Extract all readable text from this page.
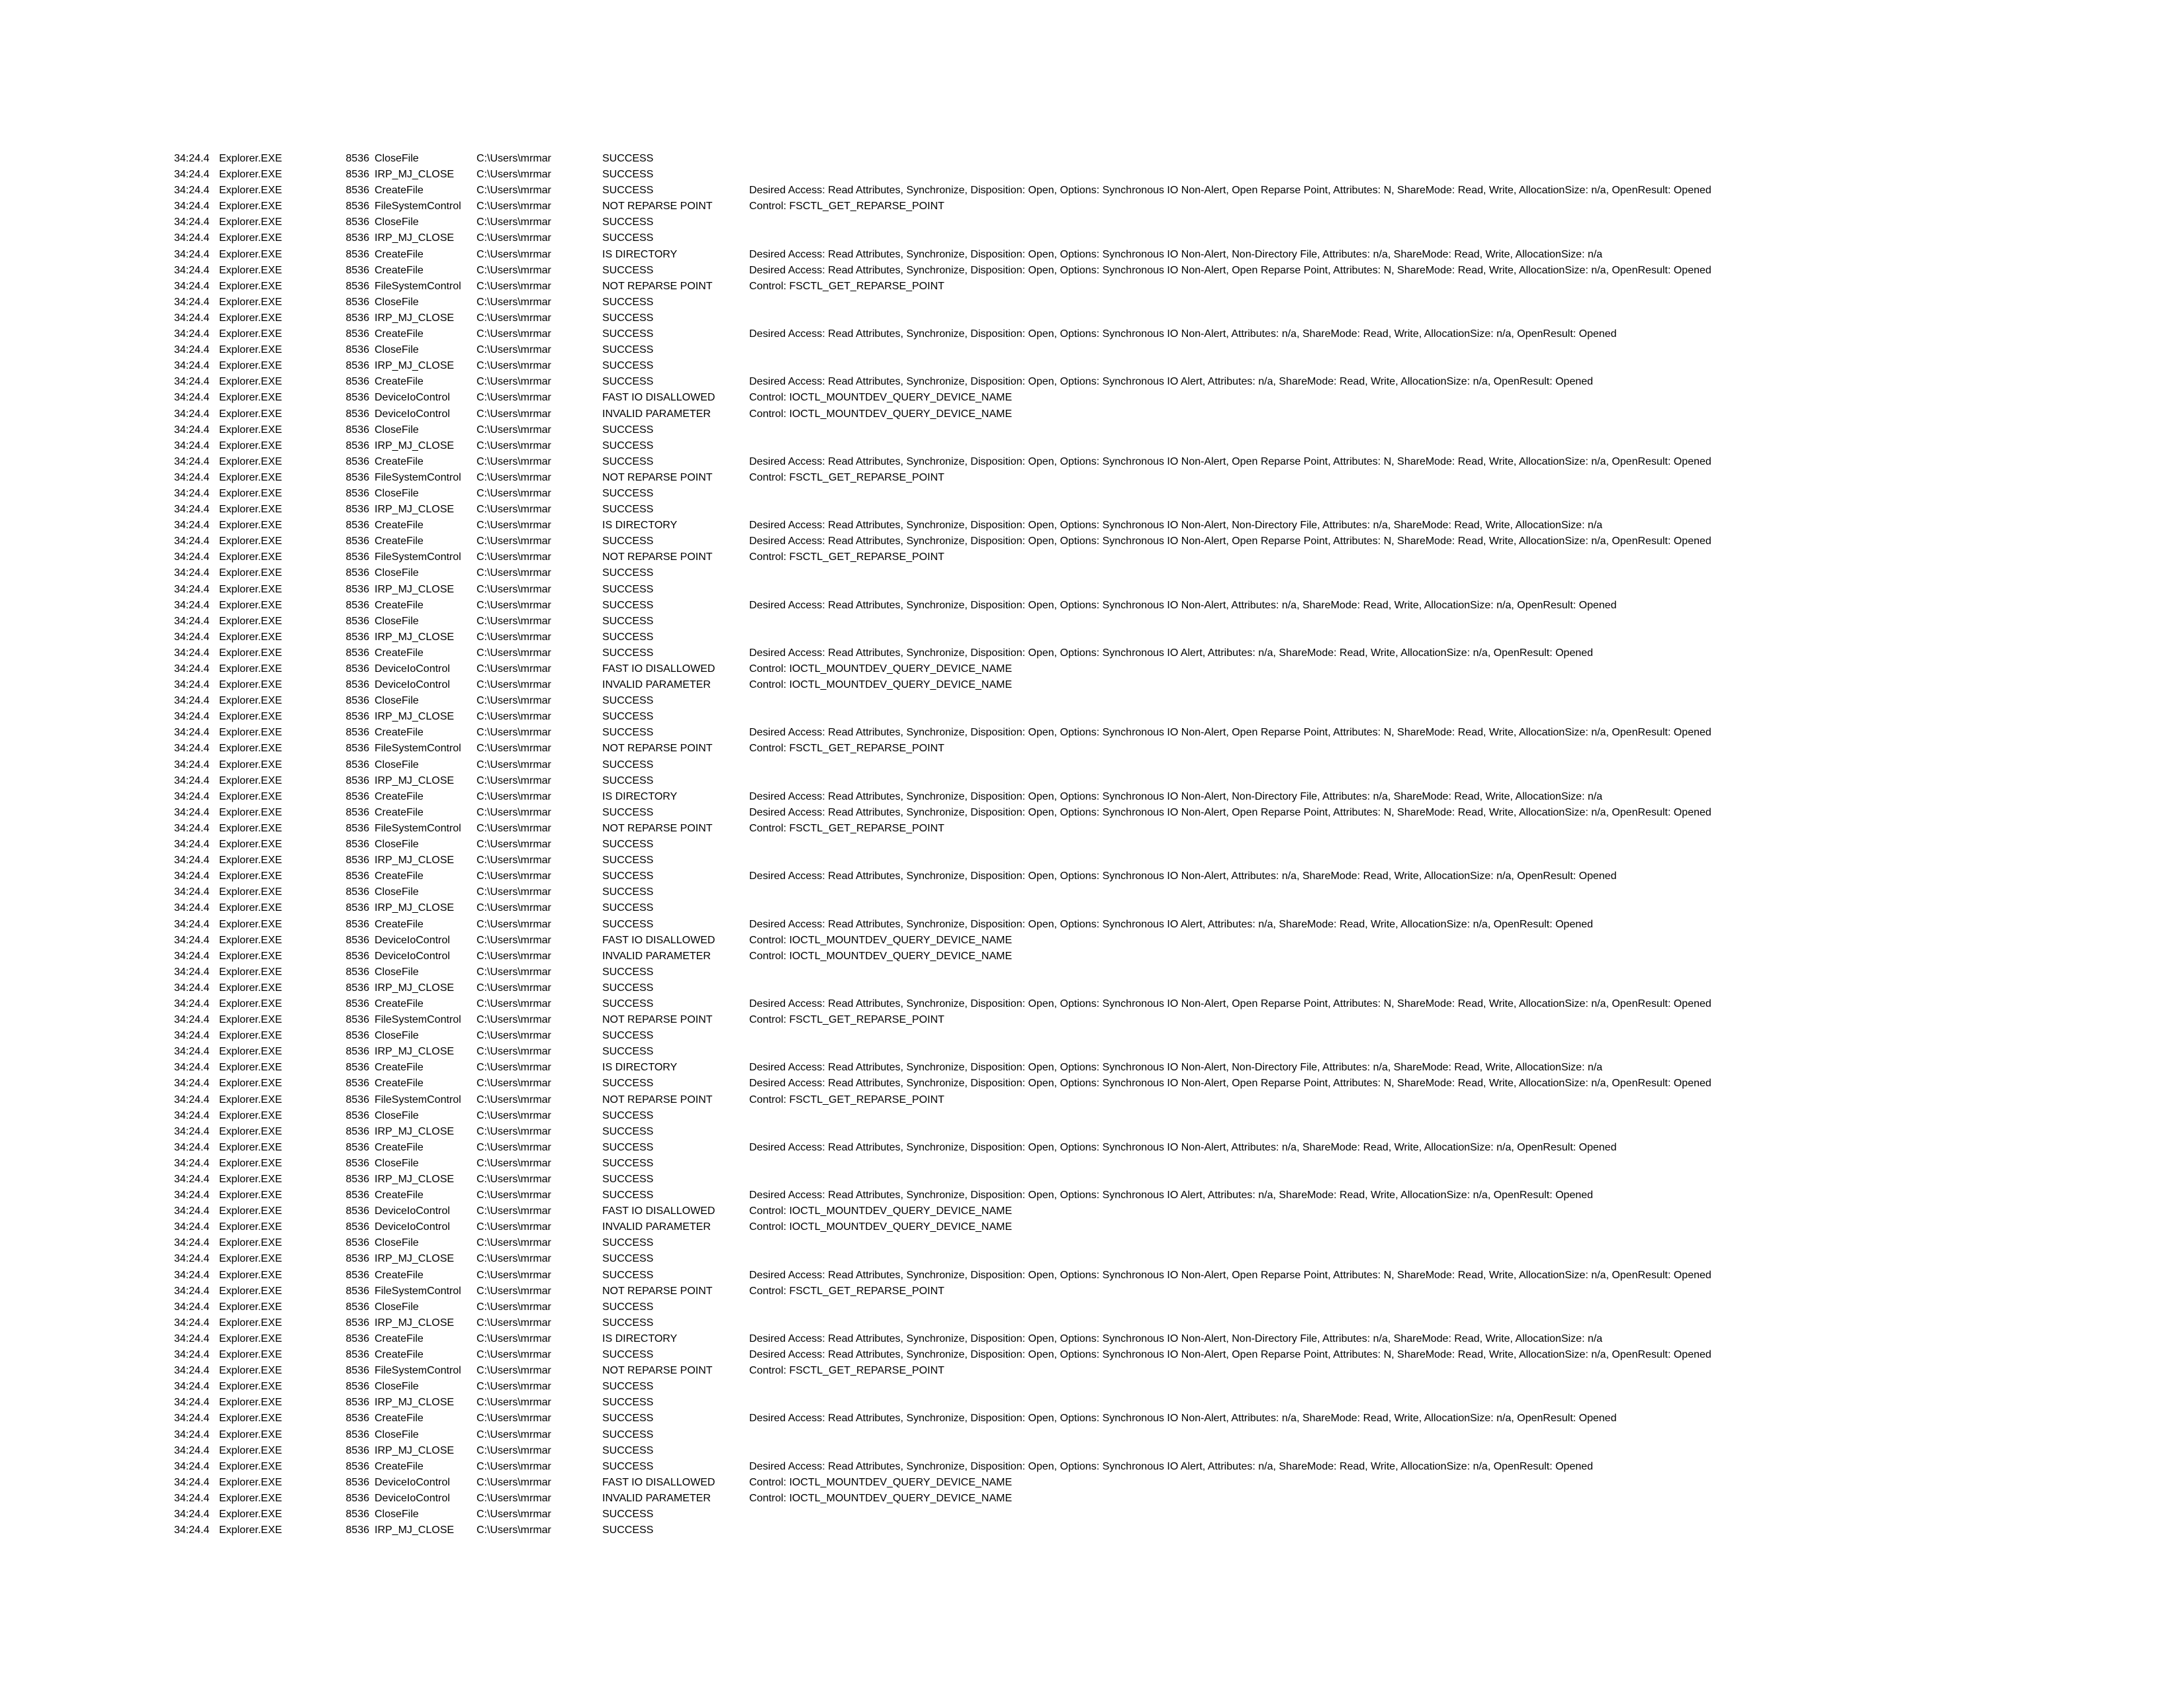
34:24.4	Explorer.EXE	8536	CloseFile	C:\Users\mrmar	SUCCESS	
34:24.4	Explorer.EXE	8536	IRP_MJ_CLOSE	C:\Users\mrmar	SUCCESS	
34:24.4	Explorer.EXE	8536	CreateFile	C:\Users\mrmar	SUCCESS	Desired Access: Read Attributes, Synchronize, Disposition: Open, Options: Synchronous IO Non-Alert, Open Reparse Point, Attributes: N, ShareMode: Read, Write, AllocationSize: n/a, OpenResult: Opened
34:24.4	Explorer.EXE	8536	FileSystemControl	C:\Users\mrmar	NOT REPARSE POINT	Control: FSCTL_GET_REPARSE_POINT
34:24.4	Explorer.EXE	8536	CloseFile	C:\Users\mrmar	SUCCESS	
34:24.4	Explorer.EXE	8536	IRP_MJ_CLOSE	C:\Users\mrmar	SUCCESS	
34:24.4	Explorer.EXE	8536	CreateFile	C:\Users\mrmar	IS DIRECTORY	Desired Access: Read Attributes, Synchronize, Disposition: Open, Options: Synchronous IO Non-Alert, Non-Directory File, Attributes: n/a, ShareMode: Read, Write, AllocationSize: n/a
34:24.4	Explorer.EXE	8536	CreateFile	C:\Users\mrmar	SUCCESS	Desired Access: Read Attributes, Synchronize, Disposition: Open, Options: Synchronous IO Non-Alert, Open Reparse Point, Attributes: N, ShareMode: Read, Write, AllocationSize: n/a, OpenResult: Opened
34:24.4	Explorer.EXE	8536	FileSystemControl	C:\Users\mrmar	NOT REPARSE POINT	Control: FSCTL_GET_REPARSE_POINT
34:24.4	Explorer.EXE	8536	CloseFile	C:\Users\mrmar	SUCCESS	
34:24.4	Explorer.EXE	8536	IRP_MJ_CLOSE	C:\Users\mrmar	SUCCESS	
34:24.4	Explorer.EXE	8536	CreateFile	C:\Users\mrmar	SUCCESS	Desired Access: Read Attributes, Synchronize, Disposition: Open, Options: Synchronous IO Non-Alert, Attributes: n/a, ShareMode: Read, Write, AllocationSize: n/a, OpenResult: Opened
34:24.4	Explorer.EXE	8536	CloseFile	C:\Users\mrmar	SUCCESS	
34:24.4	Explorer.EXE	8536	IRP_MJ_CLOSE	C:\Users\mrmar	SUCCESS	
34:24.4	Explorer.EXE	8536	CreateFile	C:\Users\mrmar	SUCCESS	Desired Access: Read Attributes, Synchronize, Disposition: Open, Options: Synchronous IO Alert, Attributes: n/a, ShareMode: Read, Write, AllocationSize: n/a, OpenResult: Opened
34:24.4	Explorer.EXE	8536	DeviceIoControl	C:\Users\mrmar	FAST IO DISALLOWED	Control: IOCTL_MOUNTDEV_QUERY_DEVICE_NAME
34:24.4	Explorer.EXE	8536	DeviceIoControl	C:\Users\mrmar	INVALID PARAMETER	Control: IOCTL_MOUNTDEV_QUERY_DEVICE_NAME
34:24.4	Explorer.EXE	8536	CloseFile	C:\Users\mrmar	SUCCESS	
34:24.4	Explorer.EXE	8536	IRP_MJ_CLOSE	C:\Users\mrmar	SUCCESS	
34:24.4	Explorer.EXE	8536	CreateFile	C:\Users\mrmar	SUCCESS	Desired Access: Read Attributes, Synchronize, Disposition: Open, Options: Synchronous IO Non-Alert, Open Reparse Point, Attributes: N, ShareMode: Read, Write, AllocationSize: n/a, OpenResult: Opened
34:24.4	Explorer.EXE	8536	FileSystemControl	C:\Users\mrmar	NOT REPARSE POINT	Control: FSCTL_GET_REPARSE_POINT
34:24.4	Explorer.EXE	8536	CloseFile	C:\Users\mrmar	SUCCESS	
34:24.4	Explorer.EXE	8536	IRP_MJ_CLOSE	C:\Users\mrmar	SUCCESS	
34:24.4	Explorer.EXE	8536	CreateFile	C:\Users\mrmar	IS DIRECTORY	Desired Access: Read Attributes, Synchronize, Disposition: Open, Options: Synchronous IO Non-Alert, Non-Directory File, Attributes: n/a, ShareMode: Read, Write, AllocationSize: n/a
34:24.4	Explorer.EXE	8536	CreateFile	C:\Users\mrmar	SUCCESS	Desired Access: Read Attributes, Synchronize, Disposition: Open, Options: Synchronous IO Non-Alert, Open Reparse Point, Attributes: N, ShareMode: Read, Write, AllocationSize: n/a, OpenResult: Opened
34:24.4	Explorer.EXE	8536	FileSystemControl	C:\Users\mrmar	NOT REPARSE POINT	Control: FSCTL_GET_REPARSE_POINT
34:24.4	Explorer.EXE	8536	CloseFile	C:\Users\mrmar	SUCCESS	
34:24.4	Explorer.EXE	8536	IRP_MJ_CLOSE	C:\Users\mrmar	SUCCESS	
34:24.4	Explorer.EXE	8536	CreateFile	C:\Users\mrmar	SUCCESS	Desired Access: Read Attributes, Synchronize, Disposition: Open, Options: Synchronous IO Non-Alert, Attributes: n/a, ShareMode: Read, Write, AllocationSize: n/a, OpenResult: Opened
34:24.4	Explorer.EXE	8536	CloseFile	C:\Users\mrmar	SUCCESS	
34:24.4	Explorer.EXE	8536	IRP_MJ_CLOSE	C:\Users\mrmar	SUCCESS	
34:24.4	Explorer.EXE	8536	CreateFile	C:\Users\mrmar	SUCCESS	Desired Access: Read Attributes, Synchronize, Disposition: Open, Options: Synchronous IO Alert, Attributes: n/a, ShareMode: Read, Write, AllocationSize: n/a, OpenResult: Opened
34:24.4	Explorer.EXE	8536	DeviceIoControl	C:\Users\mrmar	FAST IO DISALLOWED	Control: IOCTL_MOUNTDEV_QUERY_DEVICE_NAME
34:24.4	Explorer.EXE	8536	DeviceIoControl	C:\Users\mrmar	INVALID PARAMETER	Control: IOCTL_MOUNTDEV_QUERY_DEVICE_NAME
34:24.4	Explorer.EXE	8536	CloseFile	C:\Users\mrmar	SUCCESS	
34:24.4	Explorer.EXE	8536	IRP_MJ_CLOSE	C:\Users\mrmar	SUCCESS	
34:24.4	Explorer.EXE	8536	CreateFile	C:\Users\mrmar	SUCCESS	Desired Access: Read Attributes, Synchronize, Disposition: Open, Options: Synchronous IO Non-Alert, Open Reparse Point, Attributes: N, ShareMode: Read, Write, AllocationSize: n/a, OpenResult: Opened
34:24.4	Explorer.EXE	8536	FileSystemControl	C:\Users\mrmar	NOT REPARSE POINT	Control: FSCTL_GET_REPARSE_POINT
34:24.4	Explorer.EXE	8536	CloseFile	C:\Users\mrmar	SUCCESS	
34:24.4	Explorer.EXE	8536	IRP_MJ_CLOSE	C:\Users\mrmar	SUCCESS	
34:24.4	Explorer.EXE	8536	CreateFile	C:\Users\mrmar	IS DIRECTORY	Desired Access: Read Attributes, Synchronize, Disposition: Open, Options: Synchronous IO Non-Alert, Non-Directory File, Attributes: n/a, ShareMode: Read, Write, AllocationSize: n/a
34:24.4	Explorer.EXE	8536	CreateFile	C:\Users\mrmar	SUCCESS	Desired Access: Read Attributes, Synchronize, Disposition: Open, Options: Synchronous IO Non-Alert, Open Reparse Point, Attributes: N, ShareMode: Read, Write, AllocationSize: n/a, OpenResult: Opened
34:24.4	Explorer.EXE	8536	FileSystemControl	C:\Users\mrmar	NOT REPARSE POINT	Control: FSCTL_GET_REPARSE_POINT
34:24.4	Explorer.EXE	8536	CloseFile	C:\Users\mrmar	SUCCESS	
34:24.4	Explorer.EXE	8536	IRP_MJ_CLOSE	C:\Users\mrmar	SUCCESS	
34:24.4	Explorer.EXE	8536	CreateFile	C:\Users\mrmar	SUCCESS	Desired Access: Read Attributes, Synchronize, Disposition: Open, Options: Synchronous IO Non-Alert, Attributes: n/a, ShareMode: Read, Write, AllocationSize: n/a, OpenResult: Opened
34:24.4	Explorer.EXE	8536	CloseFile	C:\Users\mrmar	SUCCESS	
34:24.4	Explorer.EXE	8536	IRP_MJ_CLOSE	C:\Users\mrmar	SUCCESS	
34:24.4	Explorer.EXE	8536	CreateFile	C:\Users\mrmar	SUCCESS	Desired Access: Read Attributes, Synchronize, Disposition: Open, Options: Synchronous IO Alert, Attributes: n/a, ShareMode: Read, Write, AllocationSize: n/a, OpenResult: Opened
34:24.4	Explorer.EXE	8536	DeviceIoControl	C:\Users\mrmar	FAST IO DISALLOWED	Control: IOCTL_MOUNTDEV_QUERY_DEVICE_NAME
34:24.4	Explorer.EXE	8536	DeviceIoControl	C:\Users\mrmar	INVALID PARAMETER	Control: IOCTL_MOUNTDEV_QUERY_DEVICE_NAME
34:24.4	Explorer.EXE	8536	CloseFile	C:\Users\mrmar	SUCCESS	
34:24.4	Explorer.EXE	8536	IRP_MJ_CLOSE	C:\Users\mrmar	SUCCESS	
34:24.4	Explorer.EXE	8536	CreateFile	C:\Users\mrmar	SUCCESS	Desired Access: Read Attributes, Synchronize, Disposition: Open, Options: Synchronous IO Non-Alert, Open Reparse Point, Attributes: N, ShareMode: Read, Write, AllocationSize: n/a, OpenResult: Opened
34:24.4	Explorer.EXE	8536	FileSystemControl	C:\Users\mrmar	NOT REPARSE POINT	Control: FSCTL_GET_REPARSE_POINT
34:24.4	Explorer.EXE	8536	CloseFile	C:\Users\mrmar	SUCCESS	
34:24.4	Explorer.EXE	8536	IRP_MJ_CLOSE	C:\Users\mrmar	SUCCESS	
34:24.4	Explorer.EXE	8536	CreateFile	C:\Users\mrmar	IS DIRECTORY	Desired Access: Read Attributes, Synchronize, Disposition: Open, Options: Synchronous IO Non-Alert, Non-Directory File, Attributes: n/a, ShareMode: Read, Write, AllocationSize: n/a
34:24.4	Explorer.EXE	8536	CreateFile	C:\Users\mrmar	SUCCESS	Desired Access: Read Attributes, Synchronize, Disposition: Open, Options: Synchronous IO Non-Alert, Open Reparse Point, Attributes: N, ShareMode: Read, Write, AllocationSize: n/a, OpenResult: Opened
34:24.4	Explorer.EXE	8536	FileSystemControl	C:\Users\mrmar	NOT REPARSE POINT	Control: FSCTL_GET_REPARSE_POINT
34:24.4	Explorer.EXE	8536	CloseFile	C:\Users\mrmar	SUCCESS	
34:24.4	Explorer.EXE	8536	IRP_MJ_CLOSE	C:\Users\mrmar	SUCCESS	
34:24.4	Explorer.EXE	8536	CreateFile	C:\Users\mrmar	SUCCESS	Desired Access: Read Attributes, Synchronize, Disposition: Open, Options: Synchronous IO Non-Alert, Attributes: n/a, ShareMode: Read, Write, AllocationSize: n/a, OpenResult: Opened
34:24.4	Explorer.EXE	8536	CloseFile	C:\Users\mrmar	SUCCESS	
34:24.4	Explorer.EXE	8536	IRP_MJ_CLOSE	C:\Users\mrmar	SUCCESS	
34:24.4	Explorer.EXE	8536	CreateFile	C:\Users\mrmar	SUCCESS	Desired Access: Read Attributes, Synchronize, Disposition: Open, Options: Synchronous IO Alert, Attributes: n/a, ShareMode: Read, Write, AllocationSize: n/a, OpenResult: Opened
34:24.4	Explorer.EXE	8536	DeviceIoControl	C:\Users\mrmar	FAST IO DISALLOWED	Control: IOCTL_MOUNTDEV_QUERY_DEVICE_NAME
34:24.4	Explorer.EXE	8536	DeviceIoControl	C:\Users\mrmar	INVALID PARAMETER	Control: IOCTL_MOUNTDEV_QUERY_DEVICE_NAME
34:24.4	Explorer.EXE	8536	CloseFile	C:\Users\mrmar	SUCCESS	
34:24.4	Explorer.EXE	8536	IRP_MJ_CLOSE	C:\Users\mrmar	SUCCESS	
34:24.4	Explorer.EXE	8536	CreateFile	C:\Users\mrmar	SUCCESS	Desired Access: Read Attributes, Synchronize, Disposition: Open, Options: Synchronous IO Non-Alert, Open Reparse Point, Attributes: N, ShareMode: Read, Write, AllocationSize: n/a, OpenResult: Opened
34:24.4	Explorer.EXE	8536	FileSystemControl	C:\Users\mrmar	NOT REPARSE POINT	Control: FSCTL_GET_REPARSE_POINT
34:24.4	Explorer.EXE	8536	CloseFile	C:\Users\mrmar	SUCCESS	
34:24.4	Explorer.EXE	8536	IRP_MJ_CLOSE	C:\Users\mrmar	SUCCESS	
34:24.4	Explorer.EXE	8536	CreateFile	C:\Users\mrmar	IS DIRECTORY	Desired Access: Read Attributes, Synchronize, Disposition: Open, Options: Synchronous IO Non-Alert, Non-Directory File, Attributes: n/a, ShareMode: Read, Write, AllocationSize: n/a
34:24.4	Explorer.EXE	8536	CreateFile	C:\Users\mrmar	SUCCESS	Desired Access: Read Attributes, Synchronize, Disposition: Open, Options: Synchronous IO Non-Alert, Open Reparse Point, Attributes: N, ShareMode: Read, Write, AllocationSize: n/a, OpenResult: Opened
34:24.4	Explorer.EXE	8536	FileSystemControl	C:\Users\mrmar	NOT REPARSE POINT	Control: FSCTL_GET_REPARSE_POINT
34:24.4	Explorer.EXE	8536	CloseFile	C:\Users\mrmar	SUCCESS	
34:24.4	Explorer.EXE	8536	IRP_MJ_CLOSE	C:\Users\mrmar	SUCCESS	
34:24.4	Explorer.EXE	8536	CreateFile	C:\Users\mrmar	SUCCESS	Desired Access: Read Attributes, Synchronize, Disposition: Open, Options: Synchronous IO Non-Alert, Attributes: n/a, ShareMode: Read, Write, AllocationSize: n/a, OpenResult: Opened
34:24.4	Explorer.EXE	8536	CloseFile	C:\Users\mrmar	SUCCESS	
34:24.4	Explorer.EXE	8536	IRP_MJ_CLOSE	C:\Users\mrmar	SUCCESS	
34:24.4	Explorer.EXE	8536	CreateFile	C:\Users\mrmar	SUCCESS	Desired Access: Read Attributes, Synchronize, Disposition: Open, Options: Synchronous IO Alert, Attributes: n/a, ShareMode: Read, Write, AllocationSize: n/a, OpenResult: Opened
34:24.4	Explorer.EXE	8536	DeviceIoControl	C:\Users\mrmar	FAST IO DISALLOWED	Control: IOCTL_MOUNTDEV_QUERY_DEVICE_NAME
34:24.4	Explorer.EXE	8536	DeviceIoControl	C:\Users\mrmar	INVALID PARAMETER	Control: IOCTL_MOUNTDEV_QUERY_DEVICE_NAME
34:24.4	Explorer.EXE	8536	CloseFile	C:\Users\mrmar	SUCCESS	
34:24.4	Explorer.EXE	8536	IRP_MJ_CLOSE	C:\Users\mrmar	SUCCESS	
